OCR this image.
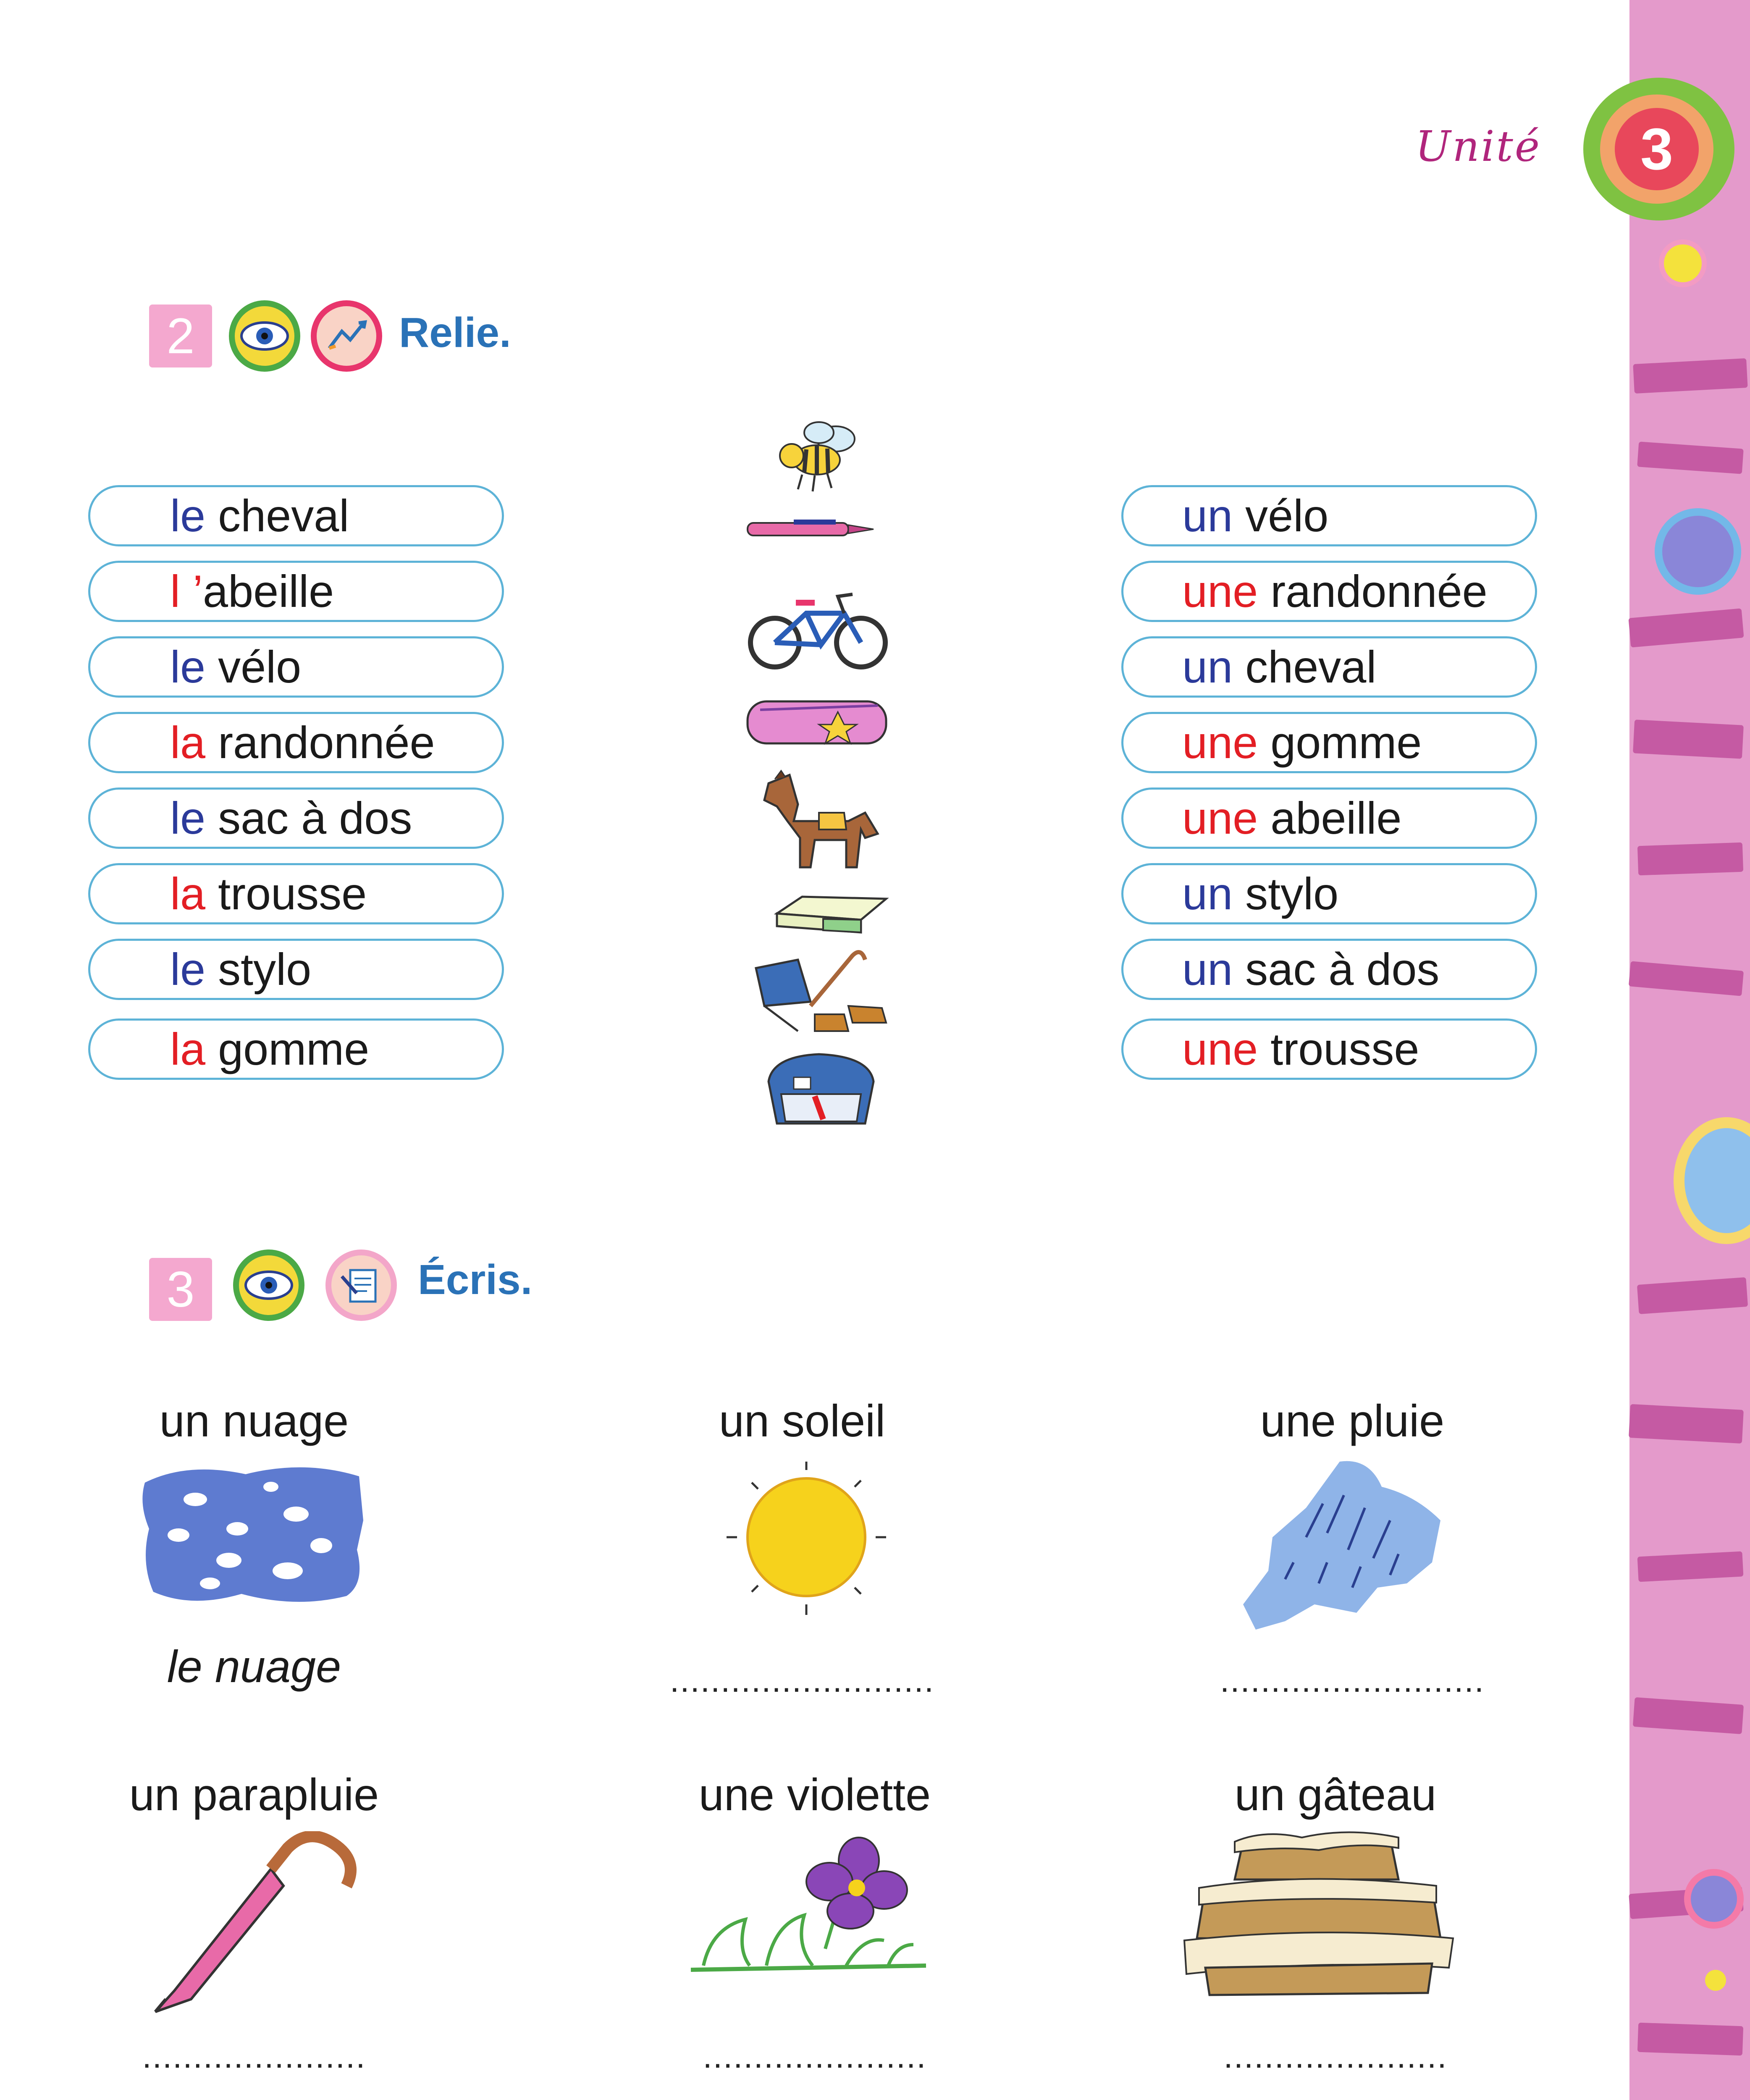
Unité	3
2	Relie.
le cheval
l ’abeille
le vélo
la randonnée
le sac à dos
la trousse
le stylo
la gomme
un vélo
une randonnée
un cheval
une gomme
une abeille
un stylo
un sac à dos
une trousse
3	Écris.
un nuage
le nuage
un soleil
..........................
une pluie
..........................
un parapluie
......................
une violette
......................
un gâteau
......................
